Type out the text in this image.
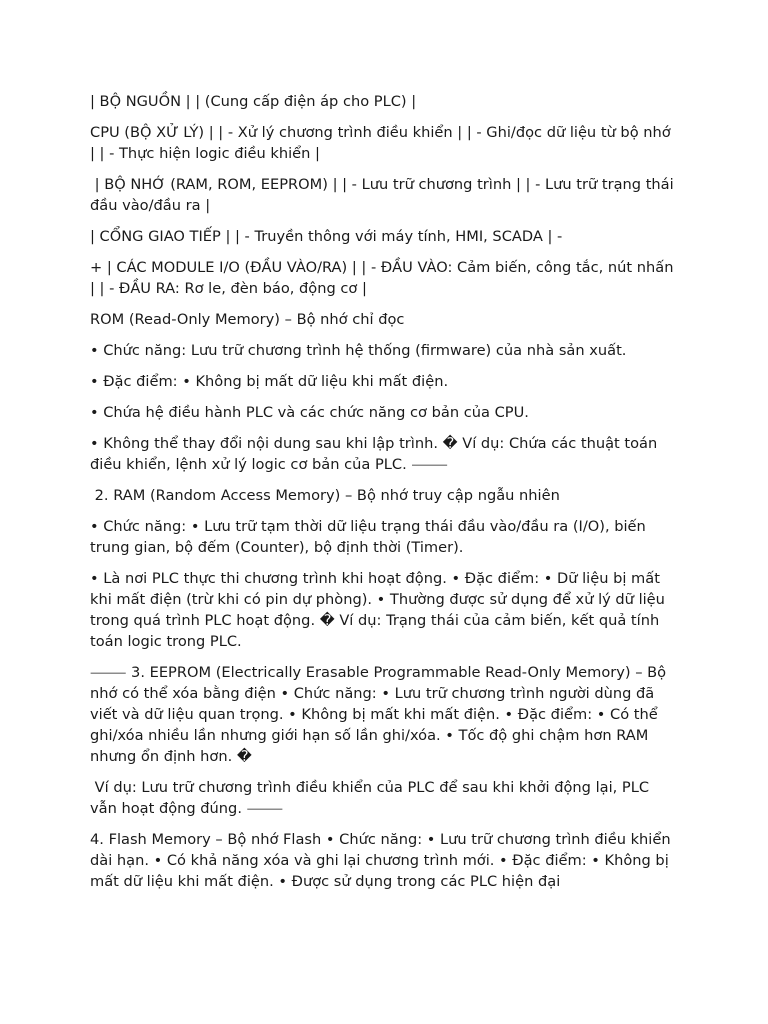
| BỘ NGUỒN | | (Cung cấp điện áp cho PLC) |

CPU (BỘ XỬ LÝ) | | - Xử lý chương trình điều khiển | | - Ghi/đọc dữ liệu từ bộ nhớ | | - Thực hiện logic điều khiển |

| BỘ NHỚ (RAM, ROM, EEPROM) | | - Lưu trữ chương trình | | - Lưu trữ trạng thái đầu vào/đầu ra |

| CỔNG GIAO TIẾP | | - Truyền thông với máy tính, HMI, SCADA | -

+ | CÁC MODULE I/O (ĐẦU VÀO/RA) | | - ĐẦU VÀO: Cảm biến, công tắc, nút nhấn | | - ĐẦU RA: Rơ le, đèn báo, động cơ |

ROM (Read-Only Memory) – Bộ nhớ chỉ đọc

• Chức năng: Lưu trữ chương trình hệ thống (firmware) của nhà sản xuất.

• Đặc điểm: • Không bị mất dữ liệu khi mất điện.

• Chứa hệ điều hành PLC và các chức năng cơ bản của CPU.

• Không thể thay đổi nội dung sau khi lập trình. � Ví dụ: Chứa các thuật toán điều khiển, lệnh xử lý logic cơ bản của PLC. ⸻

2. RAM (Random Access Memory) – Bộ nhớ truy cập ngẫu nhiên

• Chức năng: • Lưu trữ tạm thời dữ liệu trạng thái đầu vào/đầu ra (I/O), biến trung gian, bộ đếm (Counter), bộ định thời (Timer).

• Là nơi PLC thực thi chương trình khi hoạt động. • Đặc điểm: • Dữ liệu bị mất khi mất điện (trừ khi có pin dự phòng). • Thường được sử dụng để xử lý dữ liệu trong quá trình PLC hoạt động. � Ví dụ: Trạng thái của cảm biến, kết quả tính toán logic trong PLC.

⸻ 3. EEPROM (Electrically Erasable Programmable Read-Only Memory) – Bộ nhớ có thể xóa bằng điện • Chức năng: • Lưu trữ chương trình người dùng đã viết và dữ liệu quan trọng. • Không bị mất khi mất điện. • Đặc điểm: • Có thể ghi/xóa nhiều lần nhưng giới hạn số lần ghi/xóa. • Tốc độ ghi chậm hơn RAM nhưng ổn định hơn. �

Ví dụ: Lưu trữ chương trình điều khiển của PLC để sau khi khởi động lại, PLC vẫn hoạt động đúng. ⸻

4. Flash Memory – Bộ nhớ Flash • Chức năng: • Lưu trữ chương trình điều khiển dài hạn. • Có khả năng xóa và ghi lại chương trình mới. • Đặc điểm: • Không bị mất dữ liệu khi mất điện. • Được sử dụng trong các PLC hiện đại
